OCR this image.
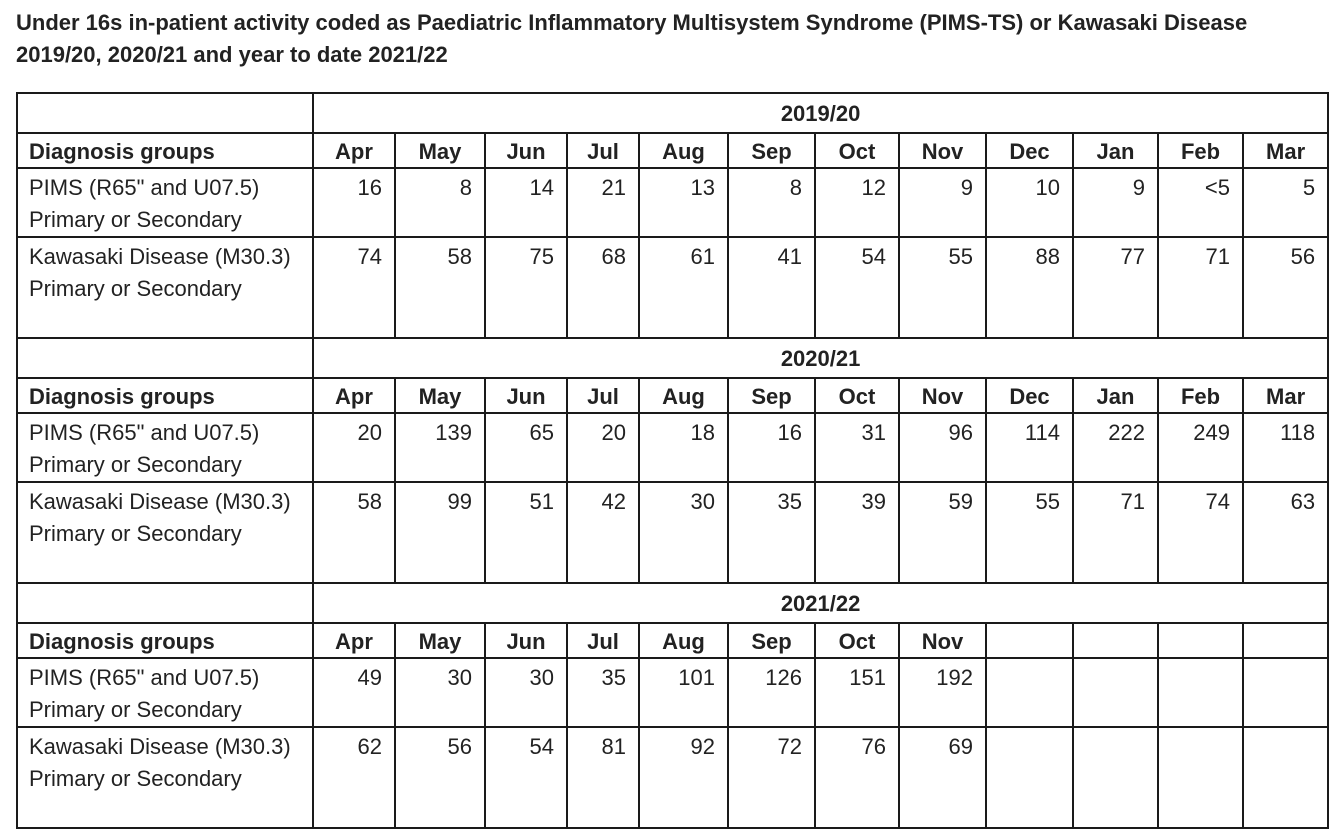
Under 16s in-patient activity coded as Paediatric Inflammatory Multisystem Syndrome (PIMS-TS) or Kawasaki Disease 2019/20, 2020/21 and year to date 2021/22
	2019/20											
Diagnosis groups	Apr	May	Jun	Jul	Aug	Sep	Oct	Nov	Dec	Jan	Feb	Mar
PIMS (R65" and U07.5) Primary or Secondary	16	8	14	21	13	8	12	9	10	9	<5	5
Kawasaki Disease (M30.3) Primary or Secondary	74	58	75	68	61	41	54	55	88	77	71	56
	2020/21											
Diagnosis groups	Apr	May	Jun	Jul	Aug	Sep	Oct	Nov	Dec	Jan	Feb	Mar
PIMS (R65" and U07.5) Primary or Secondary	20	139	65	20	18	16	31	96	114	222	249	118
Kawasaki Disease (M30.3) Primary or Secondary	58	99	51	42	30	35	39	59	55	71	74	63
	2021/22											
Diagnosis groups	Apr	May	Jun	Jul	Aug	Sep	Oct	Nov				
PIMS (R65" and U07.5) Primary or Secondary	49	30	30	35	101	126	151	192				
Kawasaki Disease (M30.3) Primary or Secondary	62	56	54	81	92	72	76	69				
